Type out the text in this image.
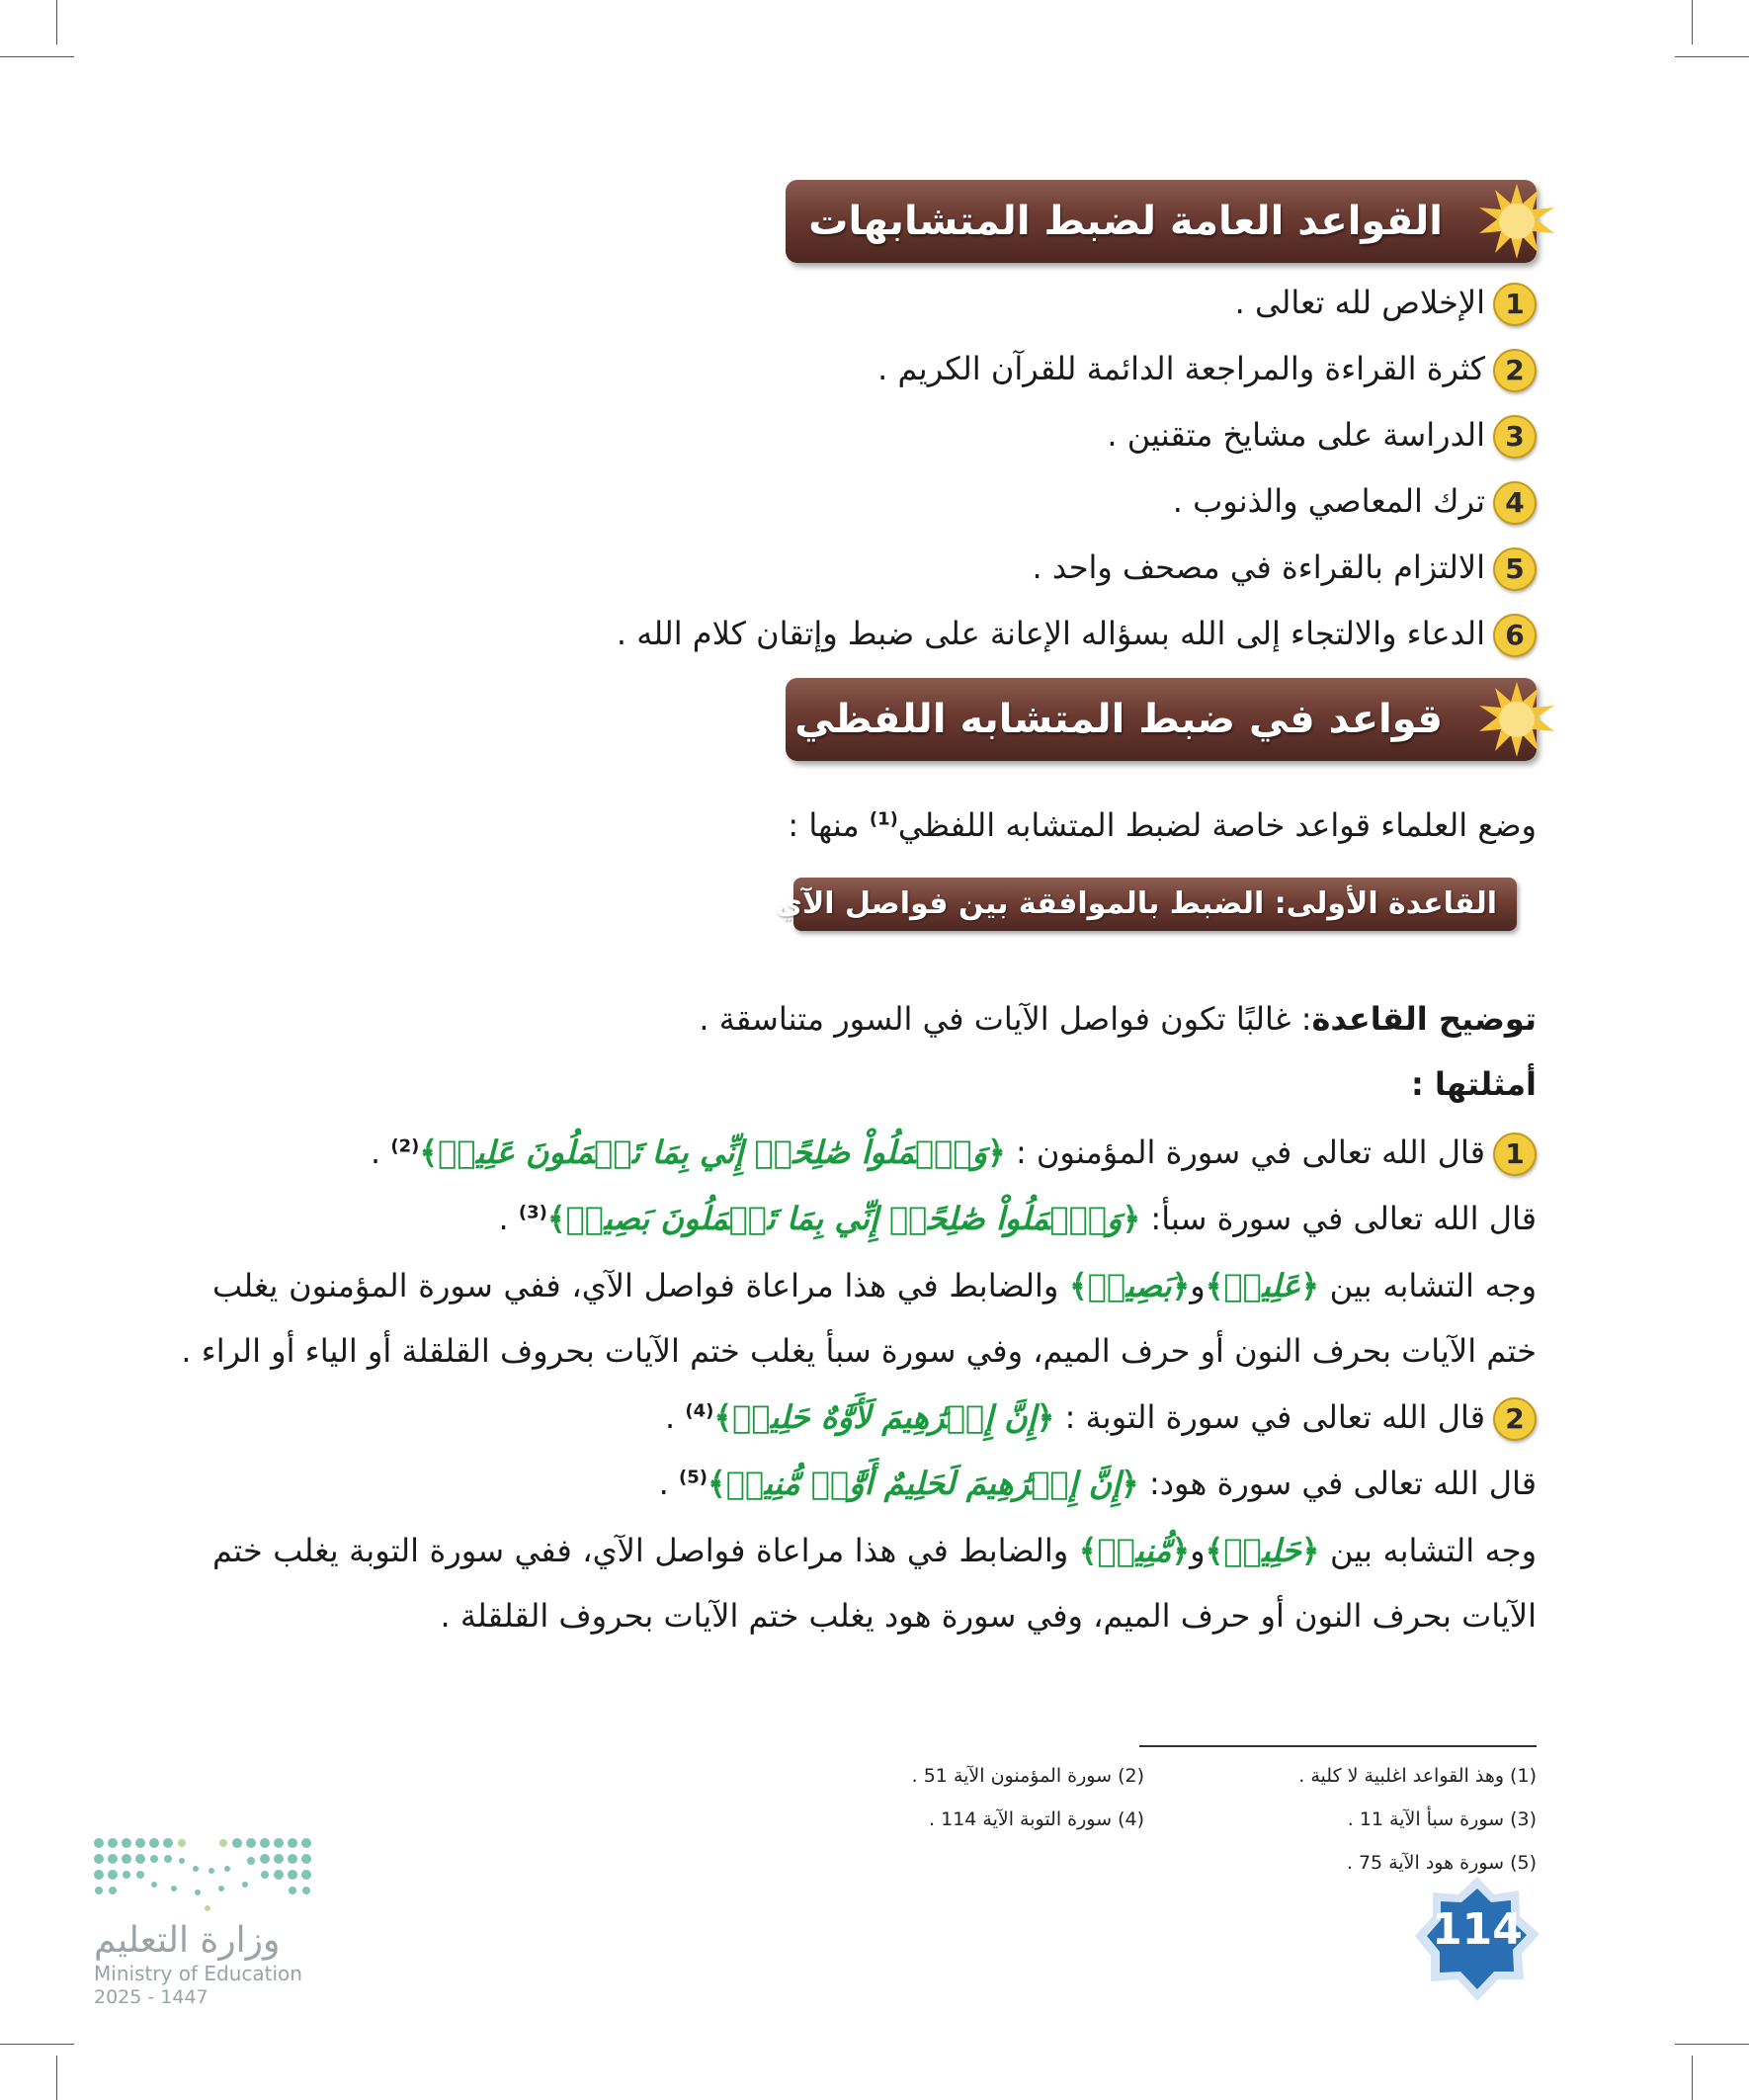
القواعد العامة لضبط المتشابهات
1الإخلاص لله تعالى .
2كثرة القراءة والمراجعة الدائمة للقرآن الكريم .
3الدراسة على مشايخ متقنين .
4ترك المعاصي والذنوب .
5الالتزام بالقراءة في مصحف واحد .
6الدعاء والالتجاء إلى الله بسؤاله الإعانة على ضبط وإتقان كلام الله .
قواعد في ضبط المتشابه اللفظي
وضع العلماء قواعد خاصة لضبط المتشابه اللفظي$^{(1)}$ منها :
القاعدة الأولى: الضبط بالموافقة بين فواصل الآي
توضيح القاعدة: غالبًا تكون فواصل الآيات في السور متناسقة .
أمثلتها :
1قال الله تعالى في سورة المؤمنون : ﴿وَٱعۡمَلُواْ صَٰلِحًاۖ إِنِّي بِمَا تَعۡمَلُونَ عَلِيمٞ﴾$^{(2)}$ .
قال الله تعالى في سورة سبأ: ﴿وَٱعۡمَلُواْ صَٰلِحًاۖ إِنِّي بِمَا تَعۡمَلُونَ بَصِيرٞ﴾$^{(3)}$ .
وجه التشابه بين ﴿عَلِيمٞ﴾و﴿بَصِيرٞ﴾ والضابط في هذا مراعاة فواصل الآي، ففي سورة المؤمنون يغلب
ختم الآيات بحرف النون أو حرف الميم، وفي سورة سبأ يغلب ختم الآيات بحروف القلقلة أو الياء أو الراء .
2قال الله تعالى في سورة التوبة : ﴿إِنَّ إِبۡرَٰهِيمَ لَأَوَّٰهٌ حَلِيمٞ﴾$^{(4)}$ .
قال الله تعالى في سورة هود: ﴿إِنَّ إِبۡرَٰهِيمَ لَحَلِيمٌ أَوَّٰهٞ مُّنِيبٞ﴾$^{(5)}$ .
وجه التشابه بين ﴿حَلِيمٞ﴾و﴿مُّنِيبٞ﴾ والضابط في هذا مراعاة فواصل الآي، ففي سورة التوبة يغلب ختم
الآيات بحرف النون أو حرف الميم، وفي سورة هود يغلب ختم الآيات بحروف القلقلة .
(1) وهذ القواعد اغلبية لا كلية .
(2) سورة المؤمنون الآية 51 .
(3) سورة سبأ الآية 11 .
(4) سورة التوبة الآية 114 .
(5) سورة هود الآية 75 .
114
وزارة التعليم
Ministry of Education
2025 - 1447
